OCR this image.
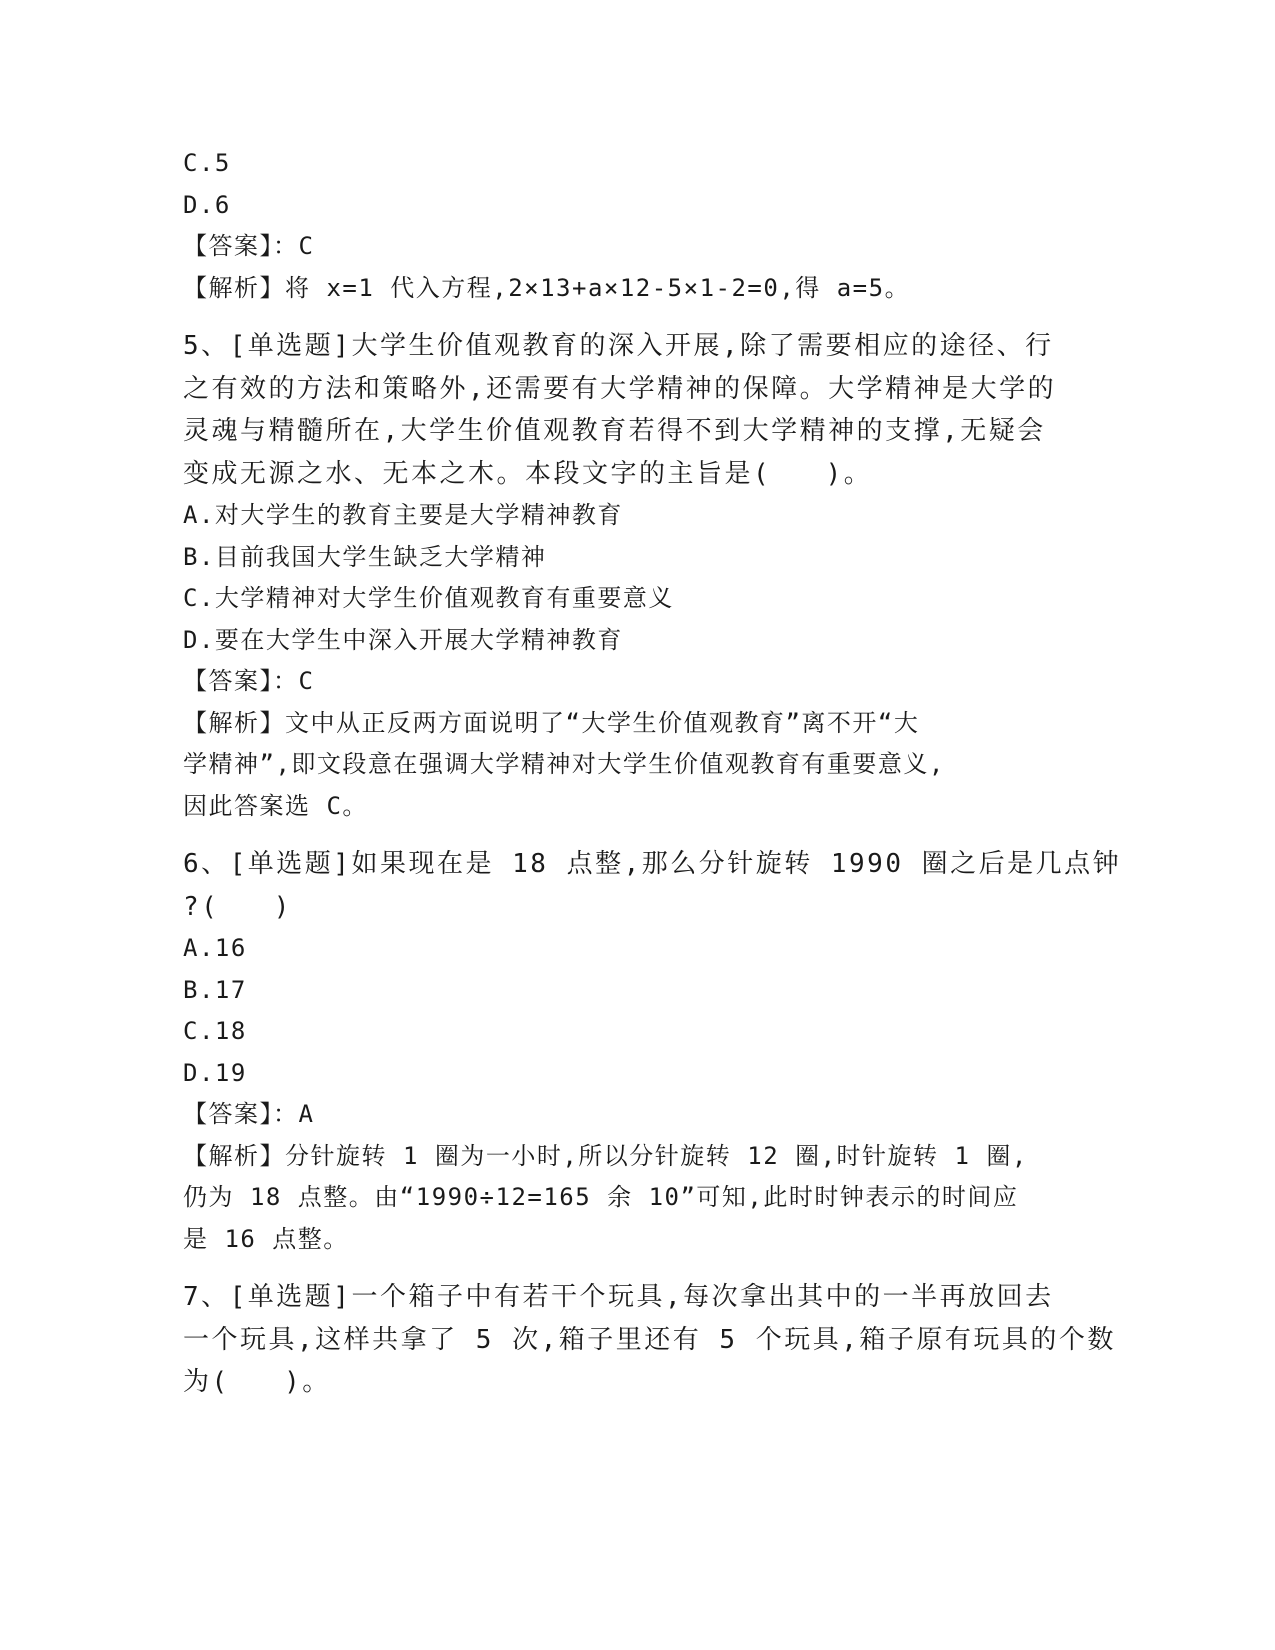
C.5
D.6
【答案】：C
【解析】将 x=1 代入方程,2×13+a×12-5×1-2=0,得 a=5。
5、[单选题]大学生价值观教育的深入开展,除了需要相应的途径、行
之有效的方法和策略外,还需要有大学精神的保障。大学精神是大学的
灵魂与精髓所在,大学生价值观教育若得不到大学精神的支撑,无疑会
变成无源之水、无本之木。本段文字的主旨是(   )。
A.对大学生的教育主要是大学精神教育
B.目前我国大学生缺乏大学精神
C.大学精神对大学生价值观教育有重要意义
D.要在大学生中深入开展大学精神教育
【答案】：C
【解析】文中从正反两方面说明了“大学生价值观教育”离不开“大
学精神”,即文段意在强调大学精神对大学生价值观教育有重要意义,
因此答案选 C。
6、[单选题]如果现在是 18 点整,那么分针旋转 1990 圈之后是几点钟
?(   )
A.16
B.17
C.18
D.19
【答案】：A
【解析】分针旋转 1 圈为一小时,所以分针旋转 12 圈,时针旋转 1 圈,
仍为 18 点整。由“1990÷12=165 余 10”可知,此时时钟表示的时间应
是 16 点整。
7、[单选题]一个箱子中有若干个玩具,每次拿出其中的一半再放回去
一个玩具,这样共拿了 5 次,箱子里还有 5 个玩具,箱子原有玩具的个数
为(   )。
